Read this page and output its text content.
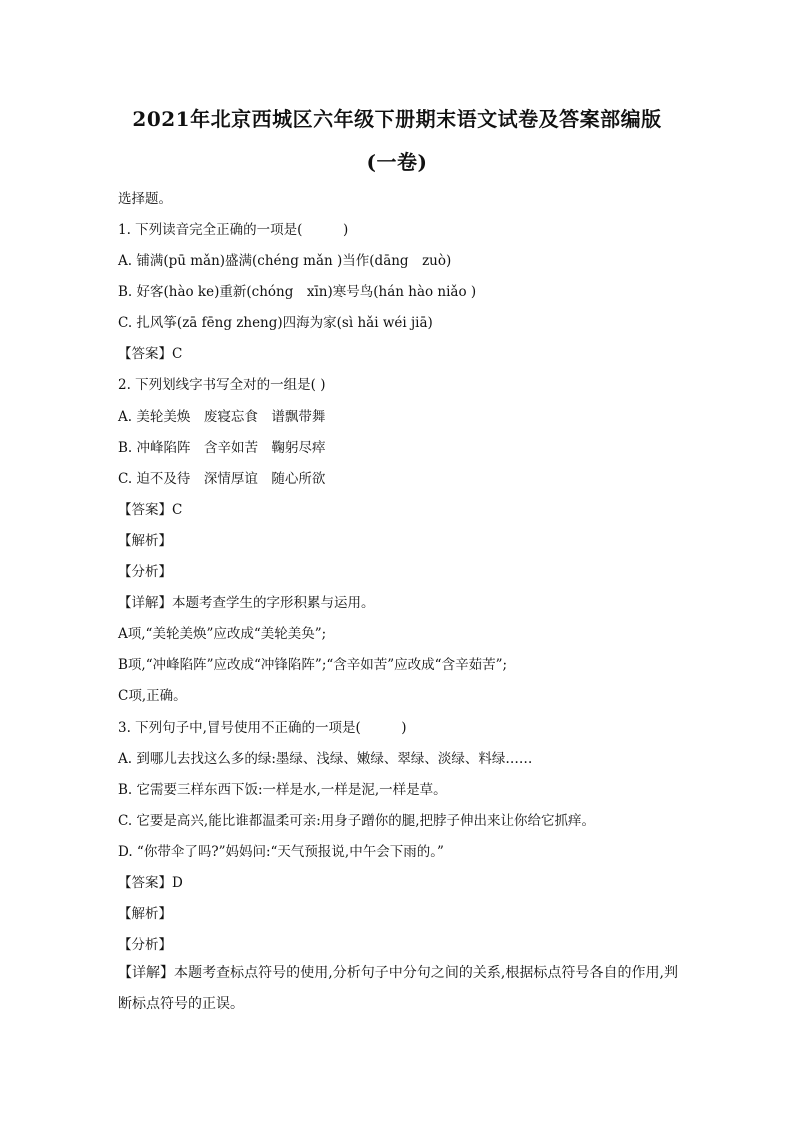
2021年北京西城区六年级下册期末语文试卷及答案部编版
(一卷)
选择题。
1. 下列读音完全正确的一项是(　　　)
A. 铺满(pū mǎn)盛满(chéng mǎn )当作(dāng　zuò)
B. 好客(hào ke)重新(chóng　xīn)寒号鸟(hán hào niǎo )
C. 扎风筝(zā fēng zheng)四海为家(sì hǎi wéi jiā)
【答案】C
2. 下列划线字书写全对的一组是( )
A. 美轮美焕　废寝忘食　谱飘带舞
B. 冲峰陷阵　含辛如苦　鞠躬尽瘁
C. 迫不及待　深情厚谊　随心所欲
【答案】C
【解析】
【分析】
【详解】本题考查学生的字形积累与运用。
A项,“美轮美焕”应改成“美轮美奂”;
B项,“冲峰陷阵”应改成“冲锋陷阵”;“含辛如苦”应改成“含辛茹苦”;
C项,正确。
3. 下列句子中,冒号使用不正确的一项是(　　　)
A. 到哪儿去找这么多的绿:墨绿、浅绿、嫩绿、翠绿、淡绿、料绿……
B. 它需要三样东西下饭:一样是水,一样是泥,一样是草。
C. 它要是高兴,能比谁都温柔可亲:用身子蹭你的腿,把脖子伸出来让你给它抓痒。
D. “你带伞了吗?”妈妈问:“天气预报说,中午会下雨的。”
【答案】D
【解析】
【分析】
【详解】本题考查标点符号的使用,分析句子中分句之间的关系,根据标点符号各自的作用,判断标点符号的正误。
